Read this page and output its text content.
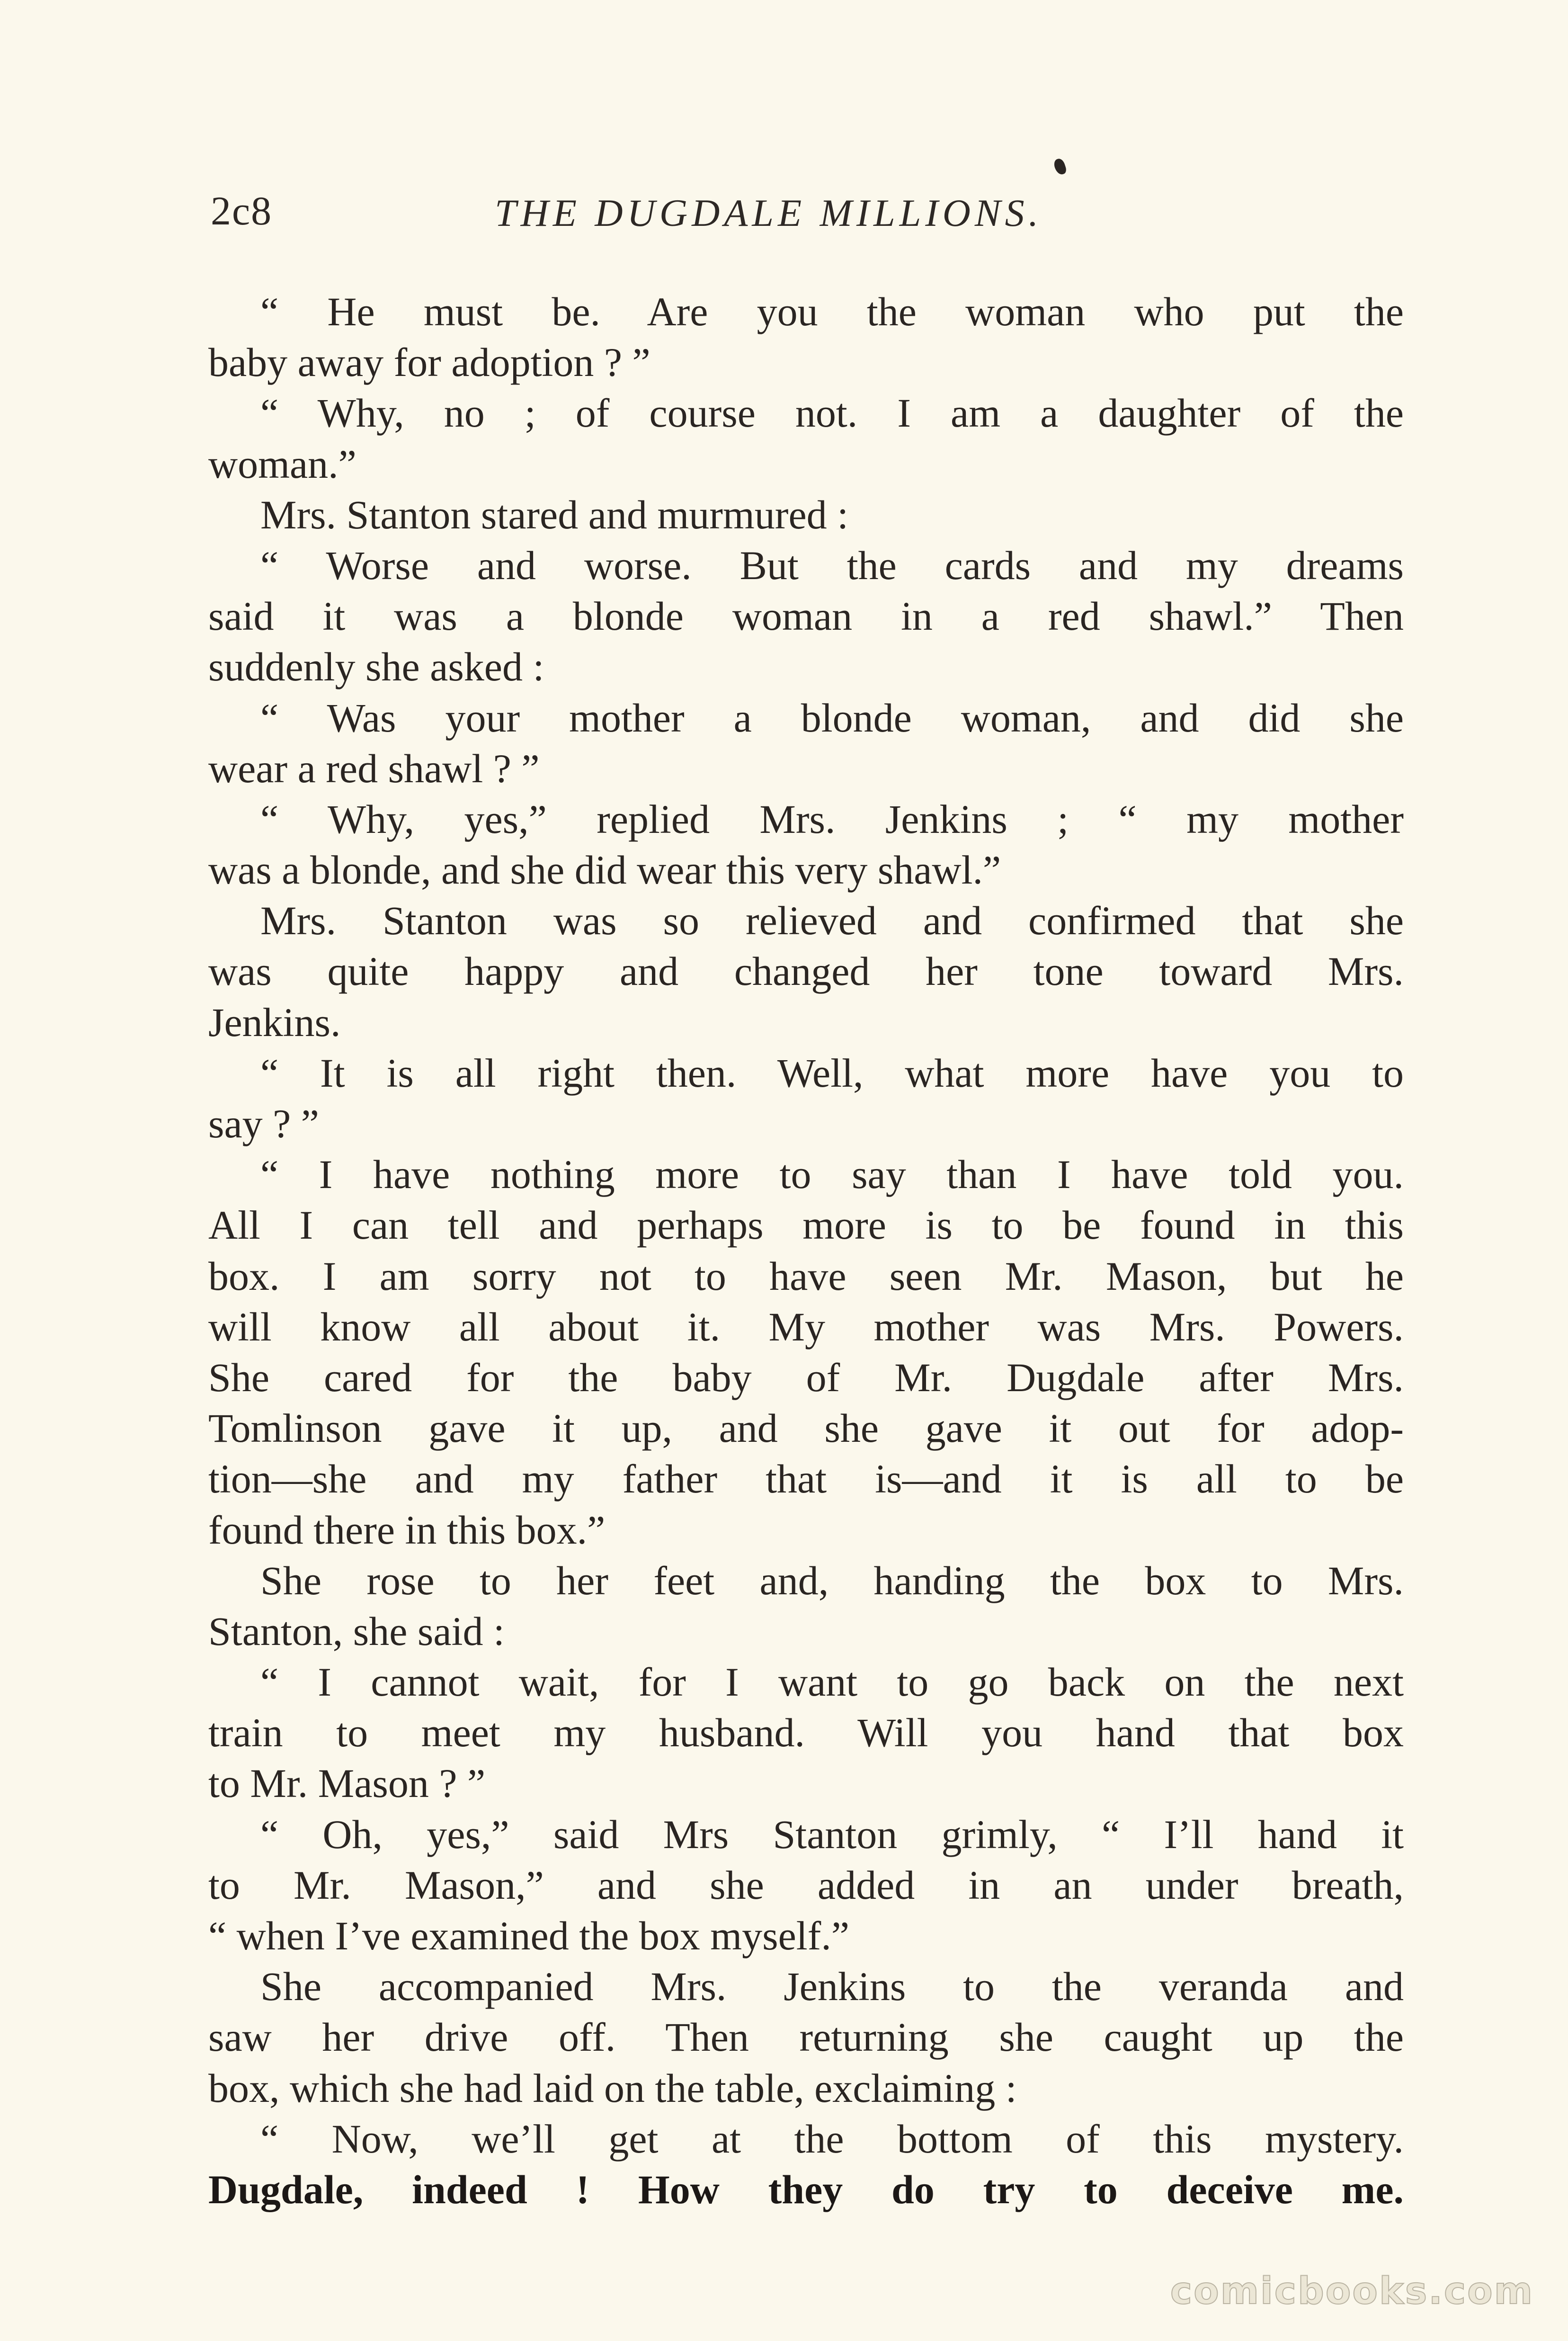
2c8	THE DUGDALE MILLIONS.
“ He must be. Are you the woman who put the
baby away for adoption ? ”
“ Why, no ; of course not. I am a daughter of the
woman.”
Mrs. Stanton stared and murmured :
“ Worse and worse. But the cards and my dreams
said it was a blonde woman in a red shawl.” Then
suddenly she asked :
“ Was your mother a blonde woman, and did she
wear a red shawl ? ”
“ Why, yes,” replied Mrs. Jenkins ; “ my mother
was a blonde, and she did wear this very shawl.”
Mrs. Stanton was so relieved and confirmed that she
was quite happy and changed her tone toward Mrs.
Jenkins.
“ It is all right then. Well, what more have you to
say ? ”
“ I have nothing more to say than I have told you.
All I can tell and perhaps more is to be found in this
box. I am sorry not to have seen Mr. Mason, but he
will know all about it. My mother was Mrs. Powers.
She cared for the baby of Mr. Dugdale after Mrs.
Tomlinson gave it up, and she gave it out for adop-
tion—she and my father that is—and it is all to be
found there in this box.”
She rose to her feet and, handing the box to Mrs.
Stanton, she said :
“ I cannot wait, for I want to go back on the next
train to meet my husband. Will you hand that box
to Mr. Mason ? ”
“ Oh, yes,” said Mrs Stanton grimly, “ I’ll hand it
to Mr. Mason,” and she added in an under breath,
“ when I’ve examined the box myself.”
She accompanied Mrs. Jenkins to the veranda and
saw her drive off. Then returning she caught up the
box, which she had laid on the table, exclaiming :
“ Now, we’ll get at the bottom of this mystery.
Dugdale, indeed ! How they do try to deceive me.
comicbooks.com
